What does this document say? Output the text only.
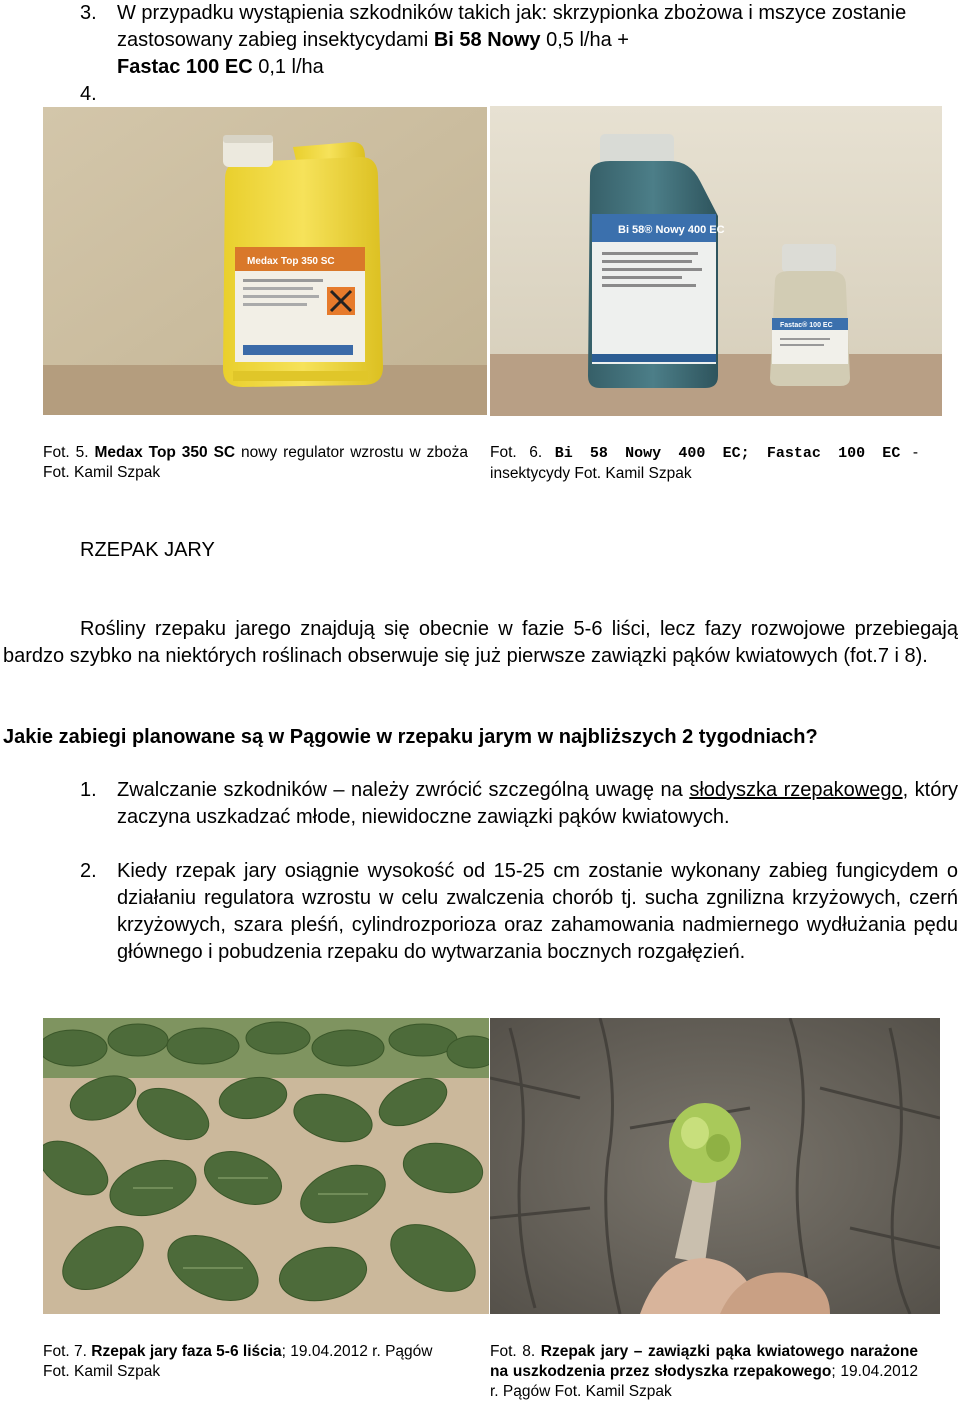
3.	W przypadku wystąpienia szkodników takich jak: skrzypionka zbożowa i mszyce zostanie zastosowany zabieg insektycydami Bi 58 Nowy 0,5 l/ha +
Fastac 100 EC 0,1 l/ha
4.
Medax Top 350 SC
Bi 58® Nowy 400 EC
Fastac® 100 EC
Fot. 5. Medax Top 350 SC nowy regulator wzrostu w zboża Fot. Kamil Szpak
Fot. 6. Bi 58 Nowy 400 EC; Fastac 100 EC - insektycydy Fot. Kamil Szpak
RZEPAK JARY
Rośliny rzepaku jarego znajdują się obecnie w fazie 5-6 liści, lecz fazy rozwojowe przebiegają bardzo szybko na niektórych roślinach obserwuje się już pierwsze zawiązki pąków kwiatowych (fot.7 i 8).
Jakie zabiegi planowane są w Pągowie w rzepaku jarym w najbliższych 2 tygodniach?
1.	Zwalczanie szkodników – należy zwrócić szczególną uwagę na słodyszka rzepakowego, który zaczyna uszkadzać młode, niewidoczne zawiązki pąków kwiatowych.
2.	Kiedy rzepak jary osiągnie wysokość od 15-25 cm zostanie wykonany zabieg fungicydem o działaniu regulatora wzrostu w celu zwalczenia chorób tj. sucha zgnilizna krzyżowych, czerń krzyżowych, szara pleśń, cylindrozporioza oraz zahamowania nadmiernego wydłużania pędu głównego i pobudzenia rzepaku do wytwarzania bocznych rozgałęzień.
Fot. 7. Rzepak jary faza 5-6 liścia; 19.04.2012 r. Pągów Fot. Kamil Szpak
Fot. 8. Rzepak jary – zawiązki pąka kwiatowego narażone na uszkodzenia przez słodyszka rzepakowego; 19.04.2012 r. Pągów Fot. Kamil Szpak
